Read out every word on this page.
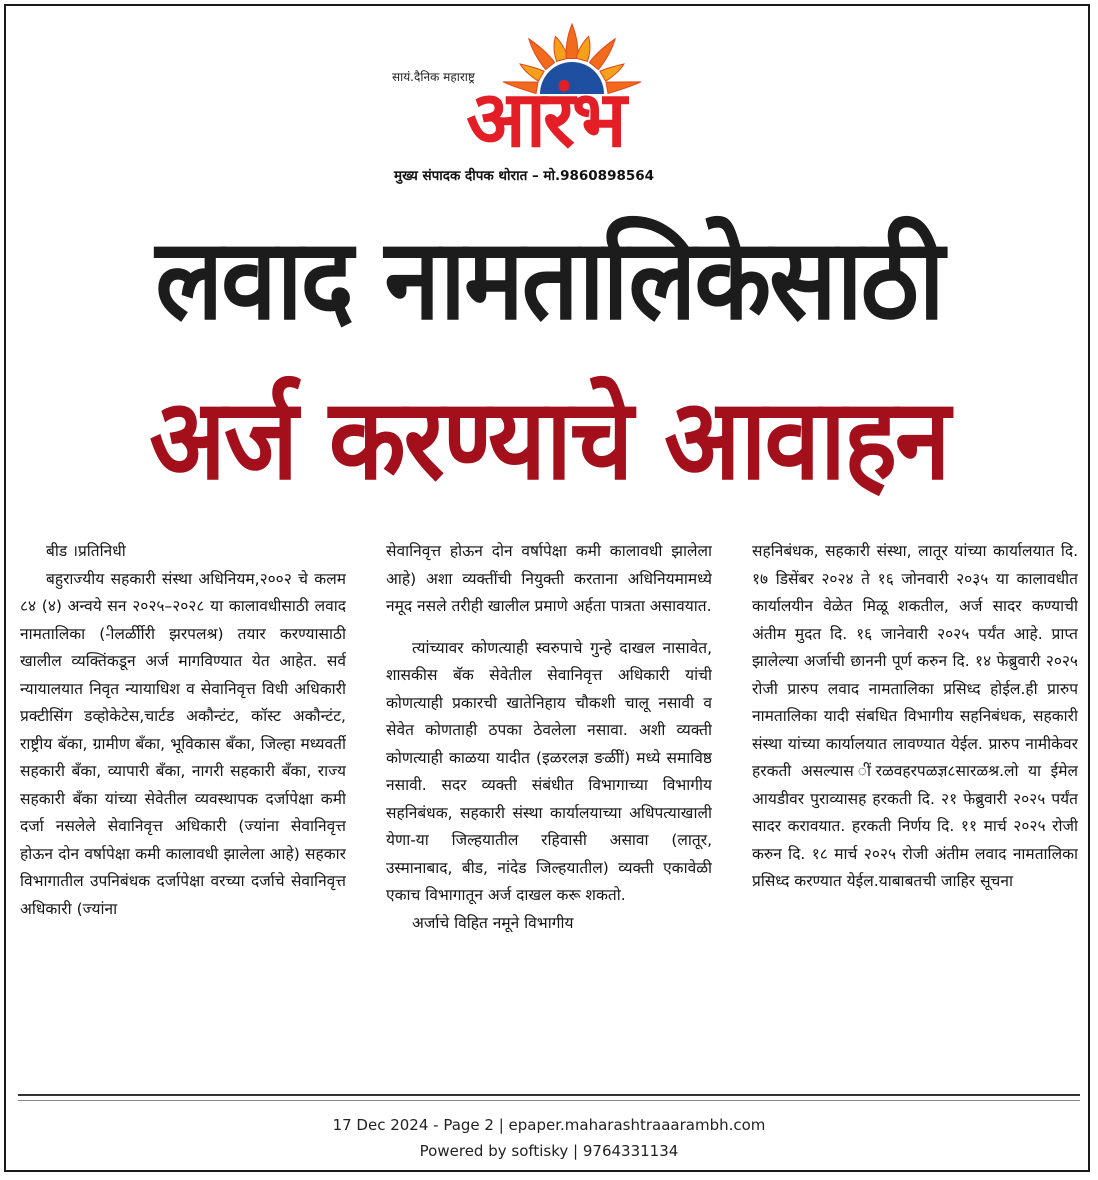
सायं.दैनिक महाराष्ट्र
आरंभ
मुख्य संपादक दीपक थोरात – मो.9860898564
लवाद नामतालिकेसाठी
अर्ज करण्याचे आवाहन

बीड ।प्रतिनिधी

बहुराज्यीय सहकारी संस्था अधिनियम,२००२ चे कलम ८४ (४) अन्वये सन २०२५–२०२८ या कालावधीसाठी लवाद नामतालिका (-ीलर्ळीीरी झरपलश्र) तयार करण्यासाठी खालील व्यक्तिंकडून अर्ज मागविण्यात येत आहेत. सर्व न्यायालयात निवृत न्यायाधिश व सेवानिवृत्त विधी अधिकारी प्रक्टीसिंग डव्होकेटेस,चार्टड अकौन्टंट, कॉस्ट अकौन्टंट, राष्ट्रीय बॅका, ग्रामीण बॅंका, भूविकास बॅंका, जिल्हा मध्यवर्ती सहकारी बॅंका, व्यापारी बॅंका, नागरी सहकारी बॅंका, राज्य सहकारी बॅंका यांच्या सेवेतील व्यवस्थापक दर्जापेक्षा कमी दर्जा नसलेले सेवानिवृत्त अधिकारी (ज्यांना सेवानिवृत्त होऊन दोन वर्षापेक्षा कमी कालावधी झालेला आहे) सहकार विभागातील उपनिबंधक दर्जापेक्षा वरच्या दर्जाचे सेवानिवृत्त अधिकारी (ज्यांना

सेवानिवृत्त होऊन दोन वर्षापेक्षा कमी कालावधी झालेला आहे) अशा व्यक्तींची नियुक्ती करताना अधिनियमामध्ये नमूद नसले तरीही खालील प्रमाणे अर्हता पात्रता असावयात.

त्यांच्यावर कोणत्याही स्वरुपाचे गुन्हे दाखल नासावेत, शासकीस बॅक सेवेतील सेवानिवृत्त अधिकारी यांची कोणत्याही प्रकारची खातेनिहाय चौकशी चालू नसावी व सेवेत कोणताही ठपका ठेवलेला नसावा. अशी व्यक्ती कोणत्याही काळया यादीत (इळरलज्ञ ङळीीं) मध्ये समाविष्ठ नसावी. सदर व्यक्ती संबंधीत विभागाच्या विभागीय सहनिबंधक, सहकारी संस्था कार्यालयाच्या अधिपत्याखाली येणा-या जिल्हयातील रहिवासी असावा (लातूर, उस्मानाबाद, बीड, नांदेड जिल्हयातील) व्यक्ती एकावेळी एकाच विभागातून अर्ज दाखल करू शकतो.

अर्जाचे विहित नमूने विभागीय

सहनिबंधक, सहकारी संस्था, लातूर यांच्या कार्यालयात दि. १७ डिसेंबर २०२४ ते १६ जोनवारी २०३५ या कालावधीत कार्यालयीन वेळेत मिळू शकतील, अर्ज सादर कण्याची अंतीम मुदत दि. १६ जानेवारी २०२५ पर्यंत आहे. प्राप्त झालेल्या अर्जाची छाननी पूर्ण करुन दि. १४ फेब्रुवारी २०२५ रोजी प्रारुप लवाद नामतालिका प्रसिध्द होईल.ही प्रारुप नामतालिका यादी संबधित विभागीय सहनिबंधक, सहकारी संस्था यांच्या कार्यालयात लावण्यात येईल. प्रारुप नामीकेवर हरकती असल्यास ींरळवहरपळज्ञ८सारळश्र.लो या ईमेल आयडीवर पुराव्यासह हरकती दि. २१ फेब्रुवारी २०२५ पर्यंत सादर करावयात. हरकती निर्णय दि. ११ मार्च २०२५ रोजी करुन दि. १८ मार्च २०२५ रोजी अंतीम लवाद नामतालिका प्रसिध्द करण्यात येईल.याबाबतची जाहिर सूचना

17 Dec 2024 - Page 2 | epaper.maharashtraaarambh.com
Powered by softisky | 9764331134
